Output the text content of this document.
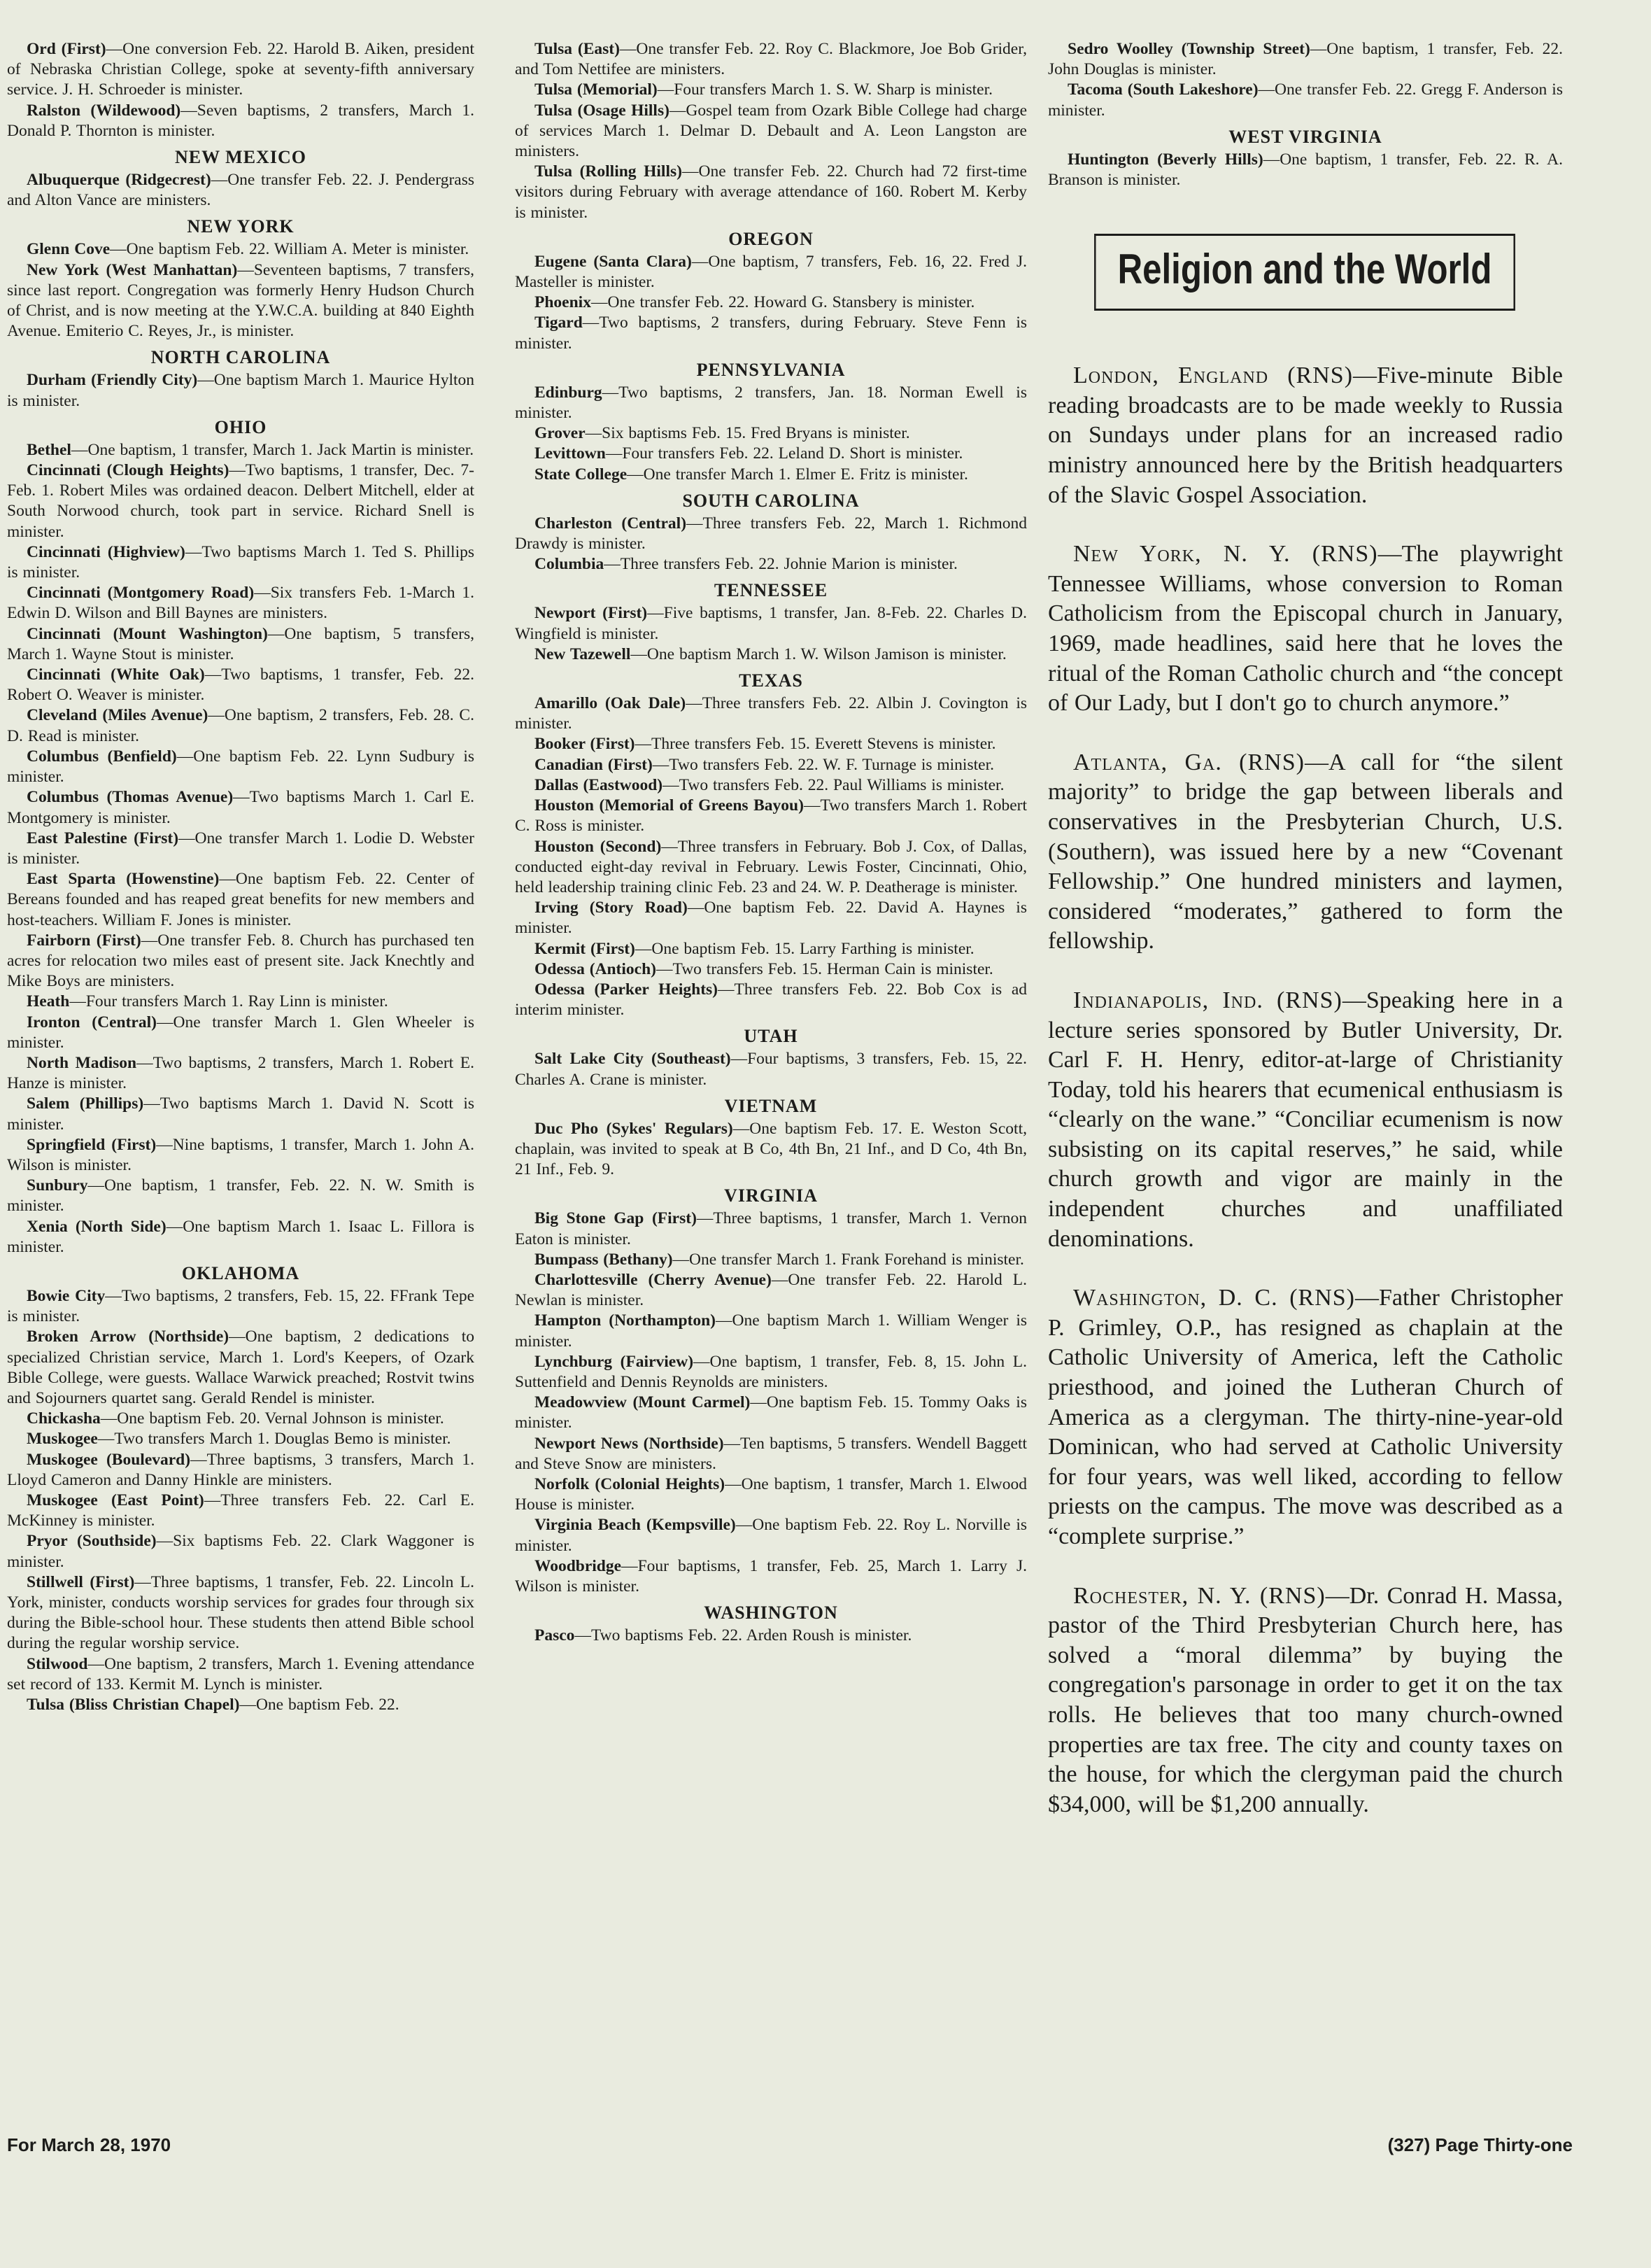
Ord (First)—One conversion Feb. 22. Harold B. Aiken, president of Nebraska Christian College, spoke at seventy-fifth anniversary service. J. H. Schroeder is minister.

Ralston (Wildewood)—Seven baptisms, 2 transfers, March 1. Donald P. Thornton is minister.

NEW MEXICO

Albuquerque (Ridgecrest)—One transfer Feb. 22. J. Pendergrass and Alton Vance are ministers.

NEW YORK

Glenn Cove—One baptism Feb. 22. William A. Meter is minister.

New York (West Manhattan)—Seventeen baptisms, 7 transfers, since last report. Congregation was formerly Henry Hudson Church of Christ, and is now meeting at the Y.W.C.A. building at 840 Eighth Avenue. Emiterio C. Reyes, Jr., is minister.

NORTH CAROLINA

Durham (Friendly City)—One baptism March 1. Maurice Hylton is minister.

OHIO

Bethel—One baptism, 1 transfer, March 1. Jack Martin is minister.

Cincinnati (Clough Heights)—Two baptisms, 1 transfer, Dec. 7-Feb. 1. Robert Miles was ordained deacon. Delbert Mitchell, elder at South Norwood church, took part in service. Richard Snell is minister.

Cincinnati (Highview)—Two baptisms March 1. Ted S. Phillips is minister.

Cincinnati (Montgomery Road)—Six transfers Feb. 1-March 1. Edwin D. Wilson and Bill Baynes are ministers.

Cincinnati (Mount Washington)—One baptism, 5 transfers, March 1. Wayne Stout is minister.

Cincinnati (White Oak)—Two baptisms, 1 transfer, Feb. 22. Robert O. Weaver is minister.

Cleveland (Miles Avenue)—One baptism, 2 transfers, Feb. 28. C. D. Read is minister.

Columbus (Benfield)—One baptism Feb. 22. Lynn Sudbury is minister.

Columbus (Thomas Avenue)—Two baptisms March 1. Carl E. Montgomery is minister.

East Palestine (First)—One transfer March 1. Lodie D. Webster is minister.

East Sparta (Howenstine)—One baptism Feb. 22. Center of Bereans founded and has reaped great benefits for new members and host-teachers. William F. Jones is minister.

Fairborn (First)—One transfer Feb. 8. Church has purchased ten acres for relocation two miles east of present site. Jack Knechtly and Mike Boys are ministers.

Heath—Four transfers March 1. Ray Linn is minister.

Ironton (Central)—One transfer March 1. Glen Wheeler is minister.

North Madison—Two baptisms, 2 transfers, March 1. Robert E. Hanze is minister.

Salem (Phillips)—Two baptisms March 1. David N. Scott is minister.

Springfield (First)—Nine baptisms, 1 transfer, March 1. John A. Wilson is minister.

Sunbury—One baptism, 1 transfer, Feb. 22. N. W. Smith is minister.

Xenia (North Side)—One baptism March 1. Isaac L. Fillora is minister.

OKLAHOMA

Bowie City—Two baptisms, 2 transfers, Feb. 15, 22. FFrank Tepe is minister.

Broken Arrow (Northside)—One baptism, 2 dedications to specialized Christian service, March 1. Lord's Keepers, of Ozark Bible College, were guests. Wallace Warwick preached; Rostvit twins and Sojourners quartet sang. Gerald Rendel is minister.

Chickasha—One baptism Feb. 20. Vernal Johnson is minister.

Muskogee—Two transfers March 1. Douglas Bemo is minister.

Muskogee (Boulevard)—Three baptisms, 3 transfers, March 1. Lloyd Cameron and Danny Hinkle are ministers.

Muskogee (East Point)—Three transfers Feb. 22. Carl E. McKinney is minister.

Pryor (Southside)—Six baptisms Feb. 22. Clark Waggoner is minister.

Stillwell (First)—Three baptisms, 1 transfer, Feb. 22. Lincoln L. York, minister, conducts worship services for grades four through six during the Bible-school hour. These students then attend Bible school during the regular worship service.

Stilwood—One baptism, 2 transfers, March 1. Evening attendance set record of 133. Kermit M. Lynch is minister.

Tulsa (Bliss Christian Chapel)—One baptism Feb. 22.

Tulsa (East)—One transfer Feb. 22. Roy C. Blackmore, Joe Bob Grider, and Tom Nettifee are ministers.

Tulsa (Memorial)—Four transfers March 1. S. W. Sharp is minister.

Tulsa (Osage Hills)—Gospel team from Ozark Bible College had charge of services March 1. Delmar D. Debault and A. Leon Langston are ministers.

Tulsa (Rolling Hills)—One transfer Feb. 22. Church had 72 first-time visitors during February with average attendance of 160. Robert M. Kerby is minister.

OREGON

Eugene (Santa Clara)—One baptism, 7 transfers, Feb. 16, 22. Fred J. Masteller is minister.

Phoenix—One transfer Feb. 22. Howard G. Stansbery is minister.

Tigard—Two baptisms, 2 transfers, during February. Steve Fenn is minister.

PENNSYLVANIA

Edinburg—Two baptisms, 2 transfers, Jan. 18. Norman Ewell is minister.

Grover—Six baptisms Feb. 15. Fred Bryans is minister.

Levittown—Four transfers Feb. 22. Leland D. Short is minister.

State College—One transfer March 1. Elmer E. Fritz is minister.

SOUTH CAROLINA

Charleston (Central)—Three transfers Feb. 22, March 1. Richmond Drawdy is minister.

Columbia—Three transfers Feb. 22. Johnie Marion is minister.

TENNESSEE

Newport (First)—Five baptisms, 1 transfer, Jan. 8-Feb. 22. Charles D. Wingfield is minister.

New Tazewell—One baptism March 1. W. Wilson Jamison is minister.

TEXAS

Amarillo (Oak Dale)—Three transfers Feb. 22. Albin J. Covington is minister.

Booker (First)—Three transfers Feb. 15. Everett Stevens is minister.

Canadian (First)—Two transfers Feb. 22. W. F. Turnage is minister.

Dallas (Eastwood)—Two transfers Feb. 22. Paul Williams is minister.

Houston (Memorial of Greens Bayou)—Two transfers March 1. Robert C. Ross is minister.

Houston (Second)—Three transfers in February. Bob J. Cox, of Dallas, conducted eight-day revival in February. Lewis Foster, Cincinnati, Ohio, held leadership training clinic Feb. 23 and 24. W. P. Deatherage is minister.

Irving (Story Road)—One baptism Feb. 22. David A. Haynes is minister.

Kermit (First)—One baptism Feb. 15. Larry Farthing is minister.

Odessa (Antioch)—Two transfers Feb. 15. Herman Cain is minister.

Odessa (Parker Heights)—Three transfers Feb. 22. Bob Cox is ad interim minister.

UTAH

Salt Lake City (Southeast)—Four baptisms, 3 transfers, Feb. 15, 22. Charles A. Crane is minister.

VIETNAM

Duc Pho (Sykes' Regulars)—One baptism Feb. 17. E. Weston Scott, chaplain, was invited to speak at B Co, 4th Bn, 21 Inf., and D Co, 4th Bn, 21 Inf., Feb. 9.

VIRGINIA

Big Stone Gap (First)—Three baptisms, 1 transfer, March 1. Vernon Eaton is minister.

Bumpass (Bethany)—One transfer March 1. Frank Forehand is minister.

Charlottesville (Cherry Avenue)—One transfer Feb. 22. Harold L. Newlan is minister.

Hampton (Northampton)—One baptism March 1. William Wenger is minister.

Lynchburg (Fairview)—One baptism, 1 transfer, Feb. 8, 15. John L. Suttenfield and Dennis Reynolds are ministers.

Meadowview (Mount Carmel)—One baptism Feb. 15. Tommy Oaks is minister.

Newport News (Northside)—Ten baptisms, 5 transfers. Wendell Baggett and Steve Snow are ministers.

Norfolk (Colonial Heights)—One baptism, 1 transfer, March 1. Elwood House is minister.

Virginia Beach (Kempsville)—One baptism Feb. 22. Roy L. Norville is minister.

Woodbridge—Four baptisms, 1 transfer, Feb. 25, March 1. Larry J. Wilson is minister.

WASHINGTON

Pasco—Two baptisms Feb. 22. Arden Roush is minister.

Sedro Woolley (Township Street)—One baptism, 1 transfer, Feb. 22. John Douglas is minister.

Tacoma (South Lakeshore)—One transfer Feb. 22. Gregg F. Anderson is minister.

WEST VIRGINIA

Huntington (Beverly Hills)—One baptism, 1 transfer, Feb. 22. R. A. Branson is minister.

Religion and the World

London, England (RNS)—Five-minute Bible reading broadcasts are to be made weekly to Russia on Sundays under plans for an increased radio ministry announced here by the British headquarters of the Slavic Gospel Association.

New York, N. Y. (RNS)—The playwright Tennessee Williams, whose conversion to Roman Catholicism from the Episcopal church in January, 1969, made headlines, said here that he loves the ritual of the Roman Catholic church and “the concept of Our Lady, but I don't go to church anymore.”

Atlanta, Ga. (RNS)—A call for “the silent majority” to bridge the gap between liberals and conservatives in the Presbyterian Church, U.S. (Southern), was issued here by a new “Covenant Fellowship.” One hundred ministers and laymen, considered “moderates,” gathered to form the fellowship.

Indianapolis, Ind. (RNS)—Speaking here in a lecture series sponsored by Butler University, Dr. Carl F. H. Henry, editor-at-large of Christianity Today, told his hearers that ecumenical enthusiasm is “clearly on the wane.” “Conciliar ecumenism is now subsisting on its capital reserves,” he said, while church growth and vigor are mainly in the independent churches and unaffiliated denominations.

Washington, D. C. (RNS)—Father Christopher P. Grimley, O.P., has resigned as chaplain at the Catholic University of America, left the Catholic priesthood, and joined the Lutheran Church of America as a clergyman. The thirty-nine-year-old Dominican, who had served at Catholic University for four years, was well liked, according to fellow priests on the campus. The move was described as a “complete surprise.”

Rochester, N. Y. (RNS)—Dr. Conrad H. Massa, pastor of the Third Presbyterian Church here, has solved a “moral dilemma” by buying the congregation's parsonage in order to get it on the tax rolls. He believes that too many church-owned properties are tax free. The city and county taxes on the house, for which the clergyman paid the church $34,000, will be $1,200 annually.

For March 28, 1970	(327) Page Thirty-one
